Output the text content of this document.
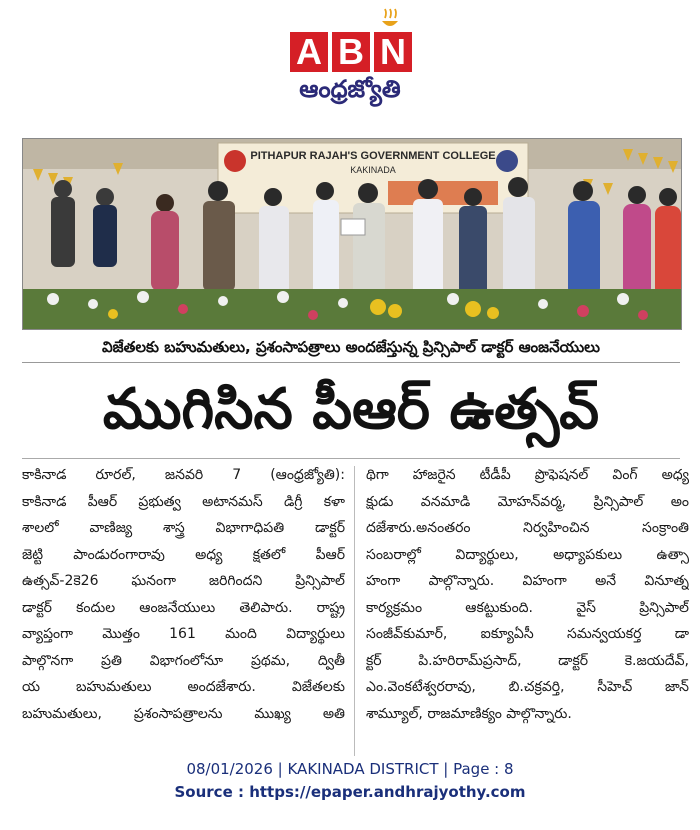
A B N
ఆంధ్రజ్యోతి
PITHAPUR RAJAH'S GOVERNMENT COLLEGE
KAKINADA
విజేతలకు బహుమతులు, ప్రశంసాపత్రాలు అందజేస్తున్న ప్రిన్సిపాల్ డాక్టర్ ఆంజనేయులు
ముగిసిన పీఆర్ ఉత్సవ్
కాకినాడ రూరల్, జనవరి 7 (ఆంధ్రజ్యోతి):
కాకినాడ పీఆర్ ప్రభుత్వ అటానమస్ డిగ్రీ కళా
శాలలో వాణిజ్య శాస్త్ర విభాగాధిపతి డాక్టర్
జెట్టి పాండురంగారావు అధ్య క్షతలో పీఆర్
ఉత్సవ్-2కె26 ఘనంగా జరిగిందని ప్రిన్సిపాల్
డాక్టర్ కందుల ఆంజనేయులు తెలిపారు. రాష్ట్ర
వ్యాప్తంగా మొత్తం 161 మంది విద్యార్థులు
పాల్గొనగా ప్రతి విభాగంలోనూ ప్రథమ, ద్వితీ
య బహుమతులు అందజేశారు. విజేతలకు
బహుమతులు, ప్రశంసాపత్రాలను ముఖ్య అతి
థిగా హాజరైన టీడీపీ ప్రొఫెషనల్ వింగ్ అధ్య
క్షుడు వనమాడి మోహన్‌వర్మ, ప్రిన్సిపాల్ అం
దజేశారు.అనంతరం నిర్వహించిన సంక్రాంతి
సంబరాల్లో విద్యార్థులు, అధ్యాపకులు ఉత్సా
హంగా పాల్గొన్నారు. విహంగా అనే వినూత్న
కార్యక్రమం ఆకట్టుకుంది. వైస్ ప్రిన్సిపాల్
సంజీవ్‌కుమార్, ఐక్యూఏసీ సమన్వయకర్త డా
క్టర్ పి.హరిరామ్‌ప్రసాద్, డాక్టర్ కె.జయదేవ్,
ఎం.వెంకటేశ్వరరావు, బి.చక్రవర్తి, సీహెచ్ జాన్
శామ్యూల్, రాజమాణిక్యం పాల్గొన్నారు.
08/01/2026 | KAKINADA DISTRICT | Page : 8
Source : https://epaper.andhrajyothy.com
